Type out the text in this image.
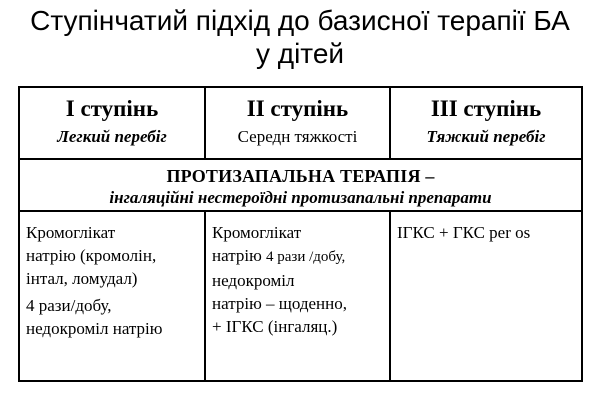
Ступінчатий підхід до базисної терапії БА
у дітей
I ступінь
Легкий перебіг
II ступінь
Середн тяжкості
III ступінь
Тяжкий перебіг
ПРОТИЗАПАЛЬНА ТЕРАПІЯ –
інгаляційні нестероїдні протизапальні препарати
Кромоглікат
натрію (кромолін,
інтал, ломудал)
4 рази/добу,
недокроміл натрію
Кромоглікат
натрію 4 рази /добу,
недокроміл
натрію – щоденно,
+ ІГКС (інгаляц.)
ІГКС + ГКС per os
